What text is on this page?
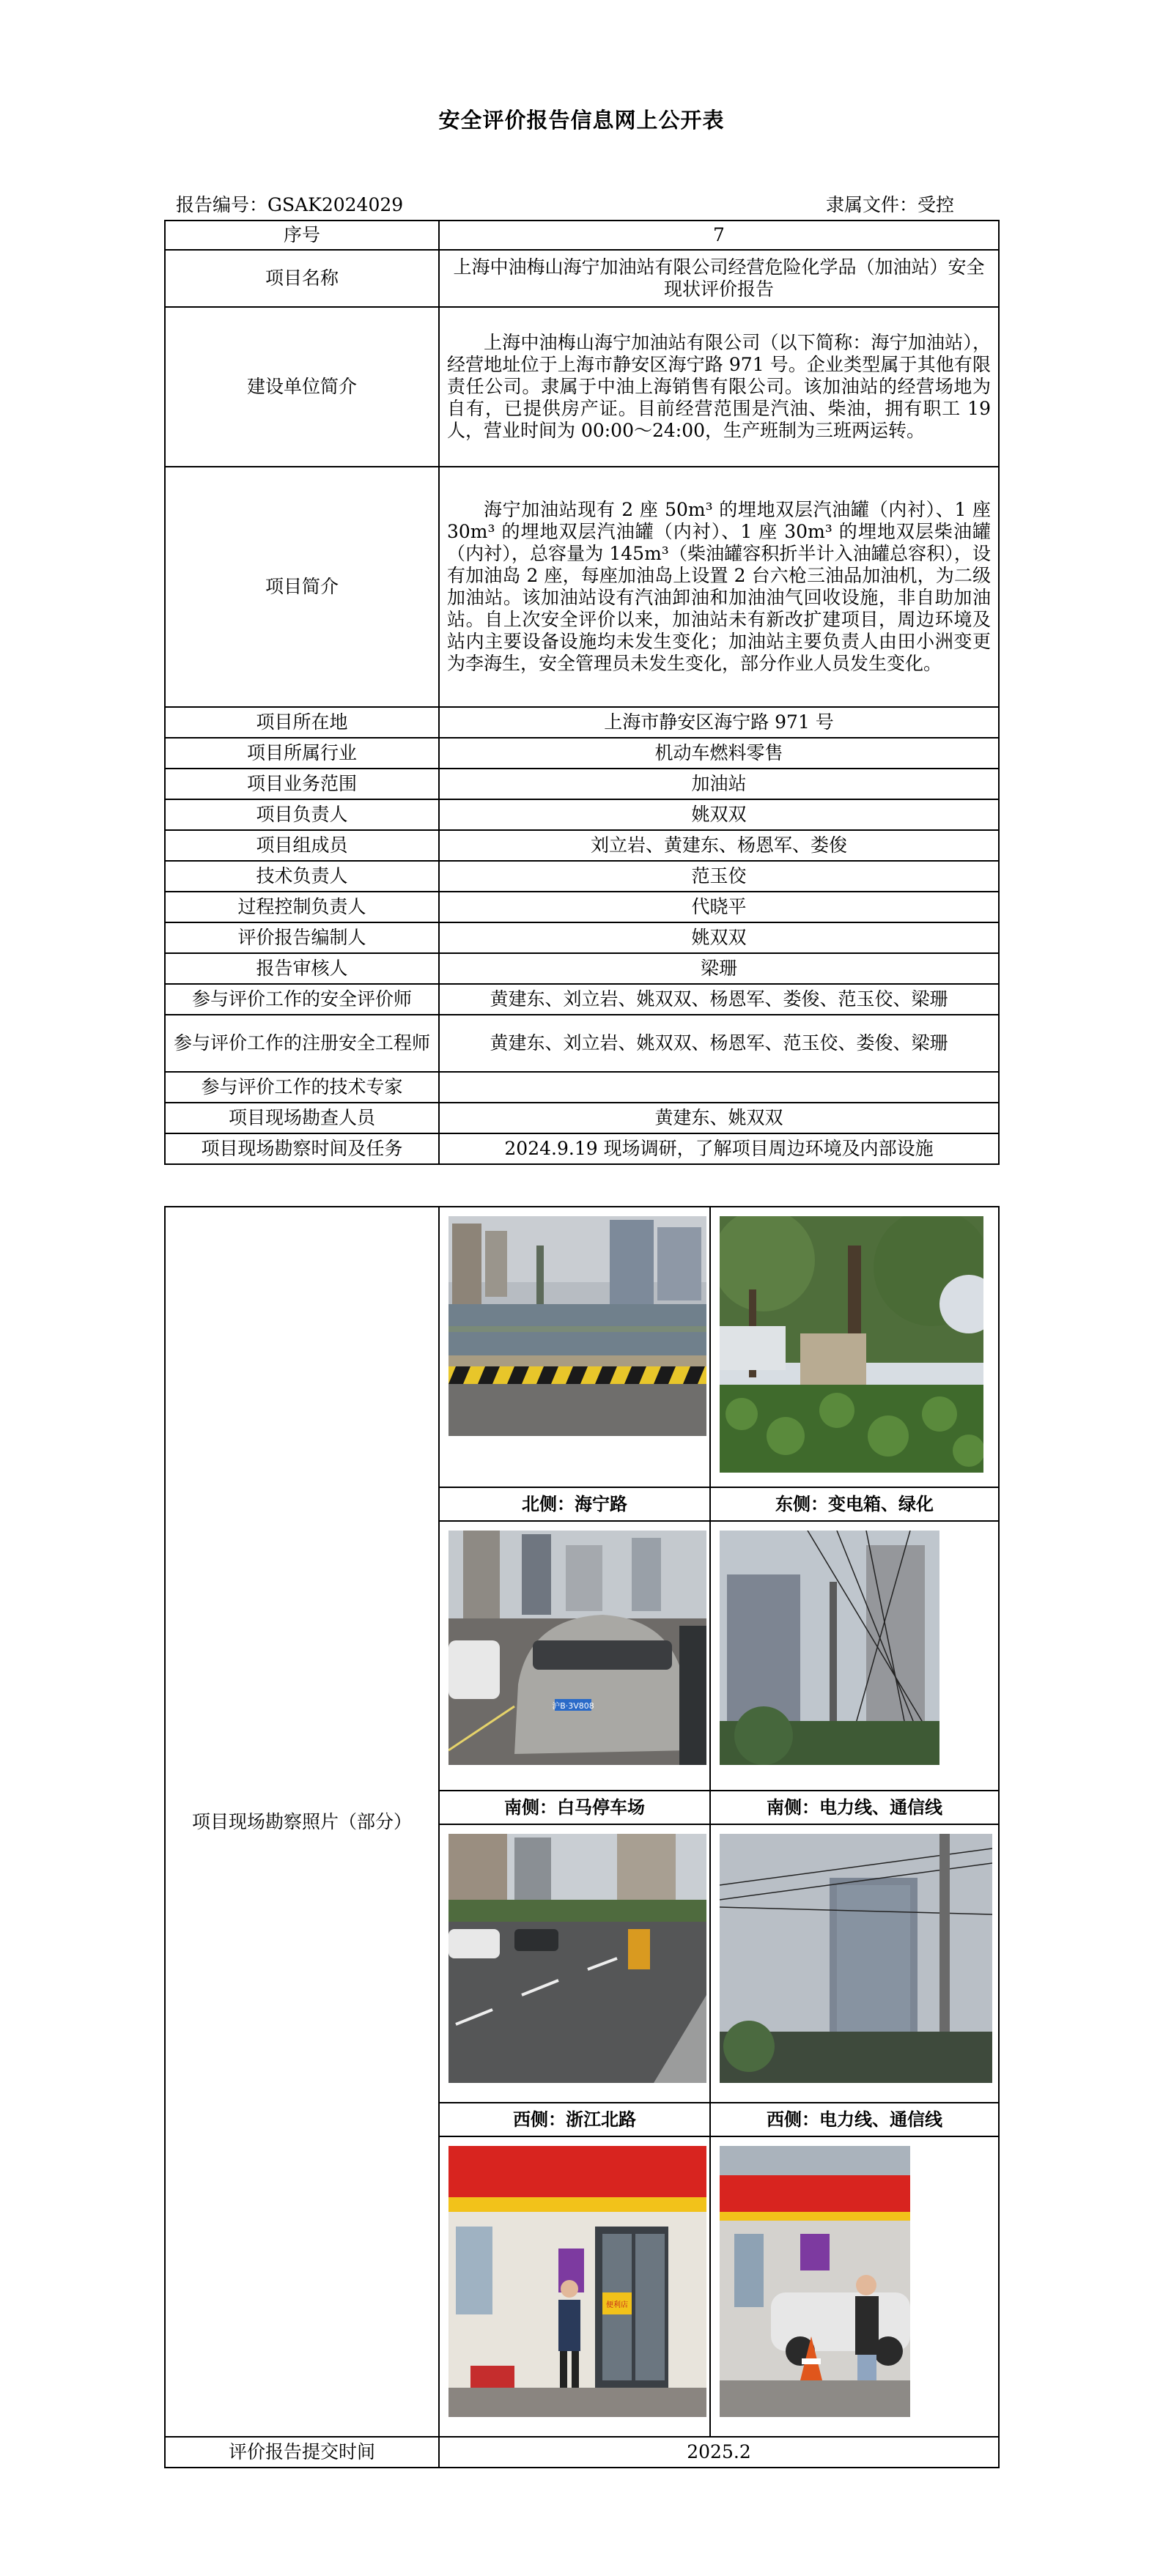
安全评价报告信息网上公开表
报告编号：GSAK2024029	隶属文件：受控
序号	7
项目名称	上海中油梅山海宁加油站有限公司经营危险化学品（加油站）安全现状评价报告
建设单位简介	上海中油梅山海宁加油站有限公司（以下简称：海宁加油站），经营地址位于上海市静安区海宁路 971 号。企业类型属于其他有限责任公司。隶属于中油上海销售有限公司。该加油站的经营场地为自有，已提供房产证。目前经营范围是汽油、柴油，拥有职工 19 人，营业时间为 00:00～24:00，生产班制为三班两运转。
项目简介	海宁加油站现有 2 座 50m³ 的埋地双层汽油罐（内衬）、1 座 30m³ 的埋地双层汽油罐（内衬）、1 座 30m³ 的埋地双层柴油罐（内衬），总容量为 145m³（柴油罐容积折半计入油罐总容积），设有加油岛 2 座，每座加油岛上设置 2 台六枪三油品加油机，为二级加油站。该加油站设有汽油卸油和加油油气回收设施，非自助加油站。自上次安全评价以来，加油站未有新改扩建项目，周边环境及站内主要设备设施均未发生变化；加油站主要负责人由田小洲变更为李海生，安全管理员未发生变化，部分作业人员发生变化。
项目所在地	上海市静安区海宁路 971 号
项目所属行业	机动车燃料零售
项目业务范围	加油站
项目负责人	姚双双
项目组成员	刘立岩、黄建东、杨恩军、娄俊
技术负责人	范玉佼
过程控制负责人	代晓平
评价报告编制人	姚双双
报告审核人	梁珊
参与评价工作的安全评价师	黄建东、刘立岩、姚双双、杨恩军、娄俊、范玉佼、梁珊
参与评价工作的注册安全工程师	黄建东、刘立岩、姚双双、杨恩军、范玉佼、娄俊、梁珊
参与评价工作的技术专家	
项目现场勘查人员	黄建东、姚双双
项目现场勘察时间及任务	2024.9.19 现场调研，了解项目周边环境及内部设施
项目现场勘察照片（部分）		
	北侧：海宁路	东侧：变电箱、绿化

沪B·3V808

	南侧：白马停车场	南侧：电力线、通信线

	西侧：浙江北路	西侧：电力线、通信线

便利店

评价报告提交时间	2025.2	
